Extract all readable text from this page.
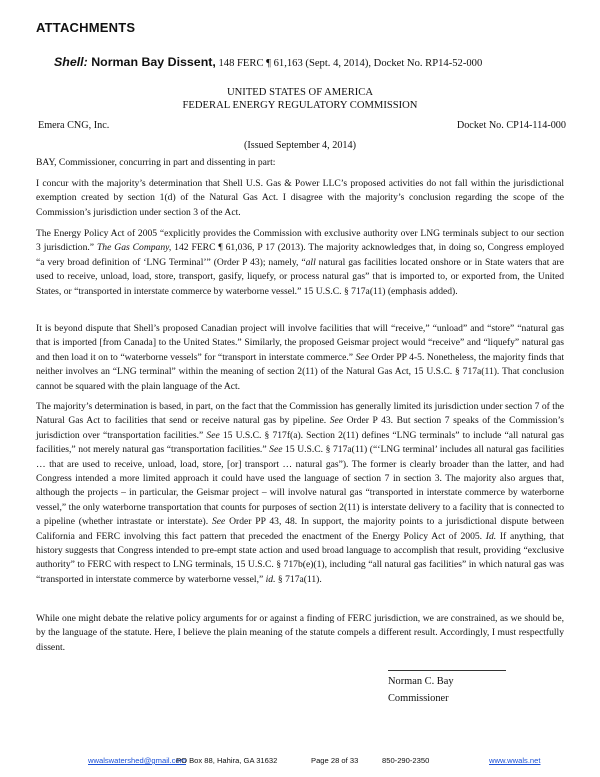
ATTACHMENTS
Shell: Norman Bay Dissent, 148 FERC ¶ 61,163 (Sept. 4, 2014), Docket No. RP14-52-000
UNITED STATES OF AMERICA
FEDERAL ENERGY REGULATORY COMMISSION
Emera CNG, Inc.	Docket No. CP14-114-000
(Issued September 4, 2014)

BAY, Commissioner, concurring in part and dissenting in part:

I concur with the majority’s determination that Shell U.S. Gas & Power LLC’s proposed activities do not fall within the jurisdictional exemption created by section 1(d) of the Natural Gas Act. I disagree with the majority’s conclusion regarding the scope of the Commission’s jurisdiction under section 3 of the Act.

The Energy Policy Act of 2005 “explicitly provides the Commission with exclusive authority over LNG terminals subject to our section 3 jurisdiction.” The Gas Company, 142 FERC ¶ 61,036, P 17 (2013). The majority acknowledges that, in doing so, Congress employed “a very broad definition of ‘LNG Terminal’” (Order P 43); namely, “all natural gas facilities located onshore or in State waters that are used to receive, unload, load, store, transport, gasify, liquefy, or process natural gas” that is imported to, or exported from, the United States, or “transported in interstate commerce by waterborne vessel.” 15 U.S.C. § 717a(11) (emphasis added).

It is beyond dispute that Shell’s proposed Canadian project will involve facilities that will “receive,” “unload” and “store” “natural gas that is imported [from Canada] to the United States.” Similarly, the proposed Geismar project would “receive” and “liquefy” natural gas and then load it on to “waterborne vessels” for “transport in interstate commerce.” See Order PP 4-5. Nonetheless, the majority finds that neither involves an “LNG terminal” within the meaning of section 2(11) of the Natural Gas Act, 15 U.S.C. § 717a(11). That conclusion cannot be squared with the plain language of the Act.

The majority’s determination is based, in part, on the fact that the Commission has generally limited its jurisdiction under section 7 of the Natural Gas Act to facilities that send or receive natural gas by pipeline. See Order P 43. But section 7 speaks of the Commission’s jurisdiction over “transportation facilities.” See 15 U.S.C. § 717f(a). Section 2(11) defines “LNG terminals” to include “all natural gas facilities,” not merely natural gas “transportation facilities.” See 15 U.S.C. § 717a(11) (“‘LNG terminal’ includes all natural gas facilities … that are used to receive, unload, load, store, [or] transport … natural gas”). The former is clearly broader than the latter, and had Congress intended a more limited approach it could have used the language of section 7 in section 3. The majority also argues that, although the projects – in particular, the Geismar project – will involve natural gas “transported in interstate commerce by waterborne vessel,” the only waterborne transportation that counts for purposes of section 2(11) is interstate delivery to a facility that is connected to a pipeline (whether intrastate or interstate). See Order PP 43, 48. In support, the majority points to a jurisdictional dispute between California and FERC involving this fact pattern that preceded the enactment of the Energy Policy Act of 2005. Id. If anything, that history suggests that Congress intended to pre-empt state action and used broad language to accomplish that result, providing “exclusive authority” to FERC with respect to LNG terminals, 15 U.S.C. § 717b(e)(1), including “all natural gas facilities” in which natural gas was “transported in interstate commerce by waterborne vessel,” id. § 717a(11).

While one might debate the relative policy arguments for or against a finding of FERC jurisdiction, we are constrained, as we should be, by the language of the statute. Here, I believe the plain meaning of the statute compels a different result. Accordingly, I must respectfully dissent.

Norman C. Bay
Commissioner
wwalswatershed@gmail.com
PO Box 88, Hahira, GA 31632	Page 28 of 33	850-290-2350	www.wwals.net
